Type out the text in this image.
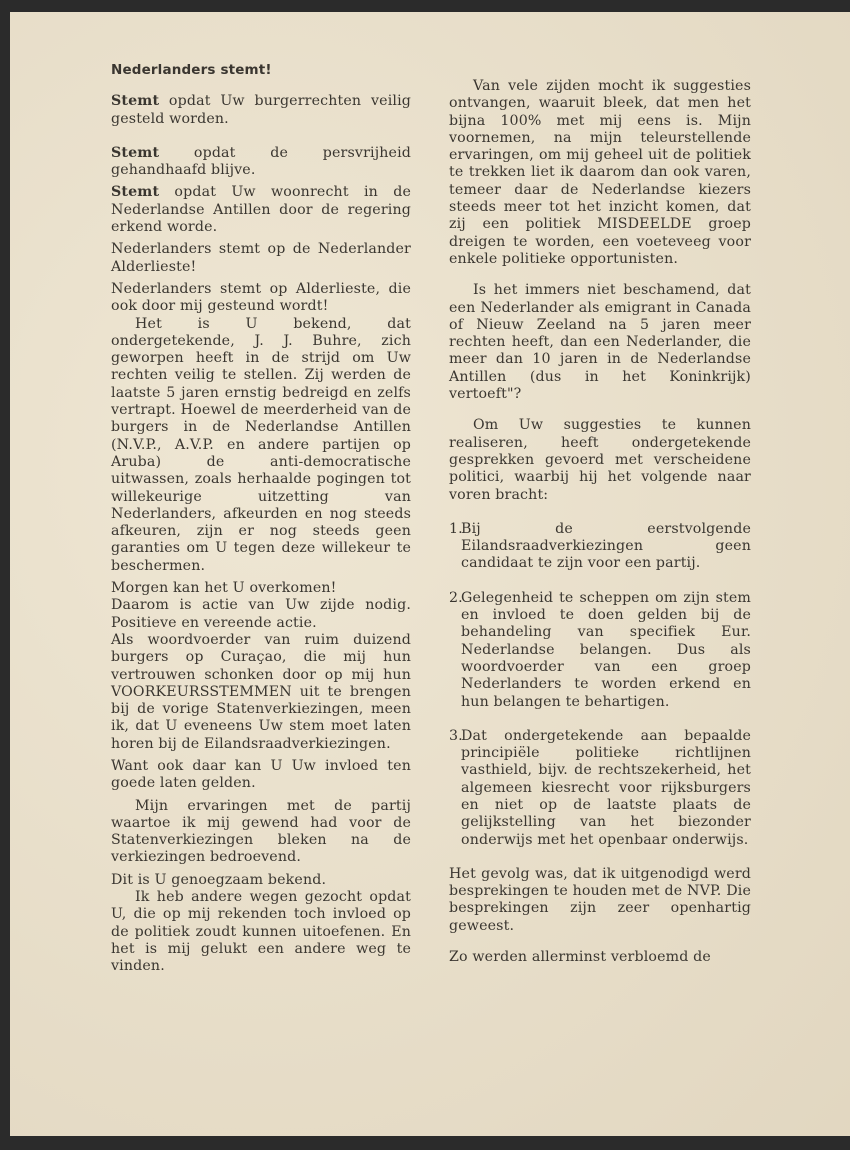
Nederlanders stemt!

Stemt opdat Uw burgerrechten veilig gesteld worden.

Stemt opdat de persvrijheid gehandhaafd blijve.

Stemt opdat Uw woonrecht in de Nederlandse Antillen door de regering erkend worde.

Nederlanders stemt op de Nederlander Alderlieste!

Nederlanders stemt op Alderlieste, die ook door mij gesteund wordt!

Het is U bekend, dat ondergetekende, J. J. Buhre, zich geworpen heeft in de strijd om Uw rechten veilig te stellen. Zij werden de laatste 5 jaren ernstig bedreigd en zelfs vertrapt. Hoewel de meerderheid van de burgers in de Nederlandse Antillen (N.V.P., A.V.P. en andere partijen op Aruba) de anti-democratische uitwassen, zoals herhaalde pogingen tot willekeurige uitzetting van Nederlanders, afkeurden en nog steeds afkeuren, zijn er nog steeds geen garanties om U tegen deze willekeur te beschermen.

Morgen kan het U overkomen!

Daarom is actie van Uw zijde nodig. Positieve en vereende actie.

Als woordvoerder van ruim duizend burgers op Curaçao, die mij hun vertrouwen schonken door op mij hun VOORKEURSSTEMMEN uit te brengen bij de vorige Statenverkiezingen, meen ik, dat U eveneens Uw stem moet laten horen bij de Eilandsraadverkiezingen.

Want ook daar kan U Uw invloed ten goede laten gelden.

Mijn ervaringen met de partij waartoe ik mij gewend had voor de Statenverkiezingen bleken na de verkiezingen bedroevend.

Dit is U genoegzaam bekend.

Ik heb andere wegen gezocht opdat U, die op mij rekenden toch invloed op de politiek zoudt kunnen uitoefenen. En het is mij gelukt een andere weg te vinden.

Van vele zijden mocht ik suggesties ontvangen, waaruit bleek, dat men het bijna 100% met mij eens is. Mijn voornemen, na mijn teleurstellende ervaringen, om mij geheel uit de politiek te trekken liet ik daarom dan ook varen, temeer daar de Nederlandse kiezers steeds meer tot het inzicht komen, dat zij een politiek MISDEELDE groep dreigen te worden, een voeteveeg voor enkele politieke opportunisten.

Is het immers niet beschamend, dat een Nederlander als emigrant in Canada of Nieuw Zeeland na 5 jaren meer rechten heeft, dan een Nederlander, die meer dan 10 jaren in de Nederlandse Antillen (dus in het Koninkrijk) vertoeft"?

Om Uw suggesties te kunnen realiseren, heeft ondergetekende gesprekken gevoerd met verscheidene politici, waarbij hij het volgende naar voren bracht:

1.
Bij de eerstvolgende Eilandsraadverkiezingen geen candidaat te zijn voor een partij.
2.
Gelegenheid te scheppen om zijn stem en invloed te doen gelden bij de behandeling van specifiek Eur. Nederlandse belangen. Dus als woordvoerder van een groep Nederlanders te worden erkend en hun belangen te behartigen.
3.
Dat ondergetekende aan bepaalde principiële politieke richtlijnen vasthield, bijv. de rechtszekerheid, het algemeen kiesrecht voor rijksburgers en niet op de laatste plaats de gelijkstelling van het biezonder onderwijs met het openbaar onderwijs.

Het gevolg was, dat ik uitgenodigd werd besprekingen te houden met de NVP. Die besprekingen zijn zeer openhartig geweest.

Zo werden allerminst verbloemd de
